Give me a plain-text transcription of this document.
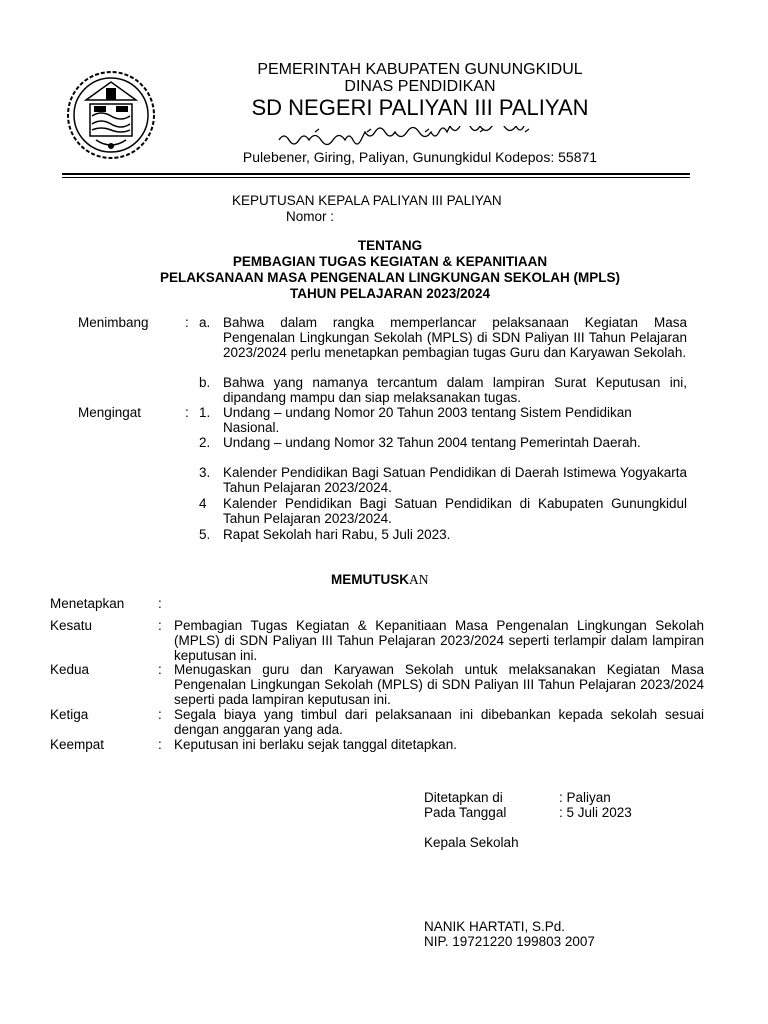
PEMERINTAH KABUPATEN GUNUNGKIDUL
DINAS PENDIDIKAN
SD NEGERI PALIYAN III PALIYAN
Pulebener, Giring, Paliyan, Gunungkidul Kodepos: 55871
KEPUTUSAN KEPALA PALIYAN III PALIYAN
Nomor :
TENTANG
PEMBAGIAN TUGAS KEGIATAN & KEPANITIAAN
PELAKSANAAN MASA PENGENALAN LINGKUNGAN SEKOLAH (MPLS)
TAHUN PELAJARAN 2023/2024
Menimbang	: a. Bahwa dalam rangka memperlancar pelaksanaan Kegiatan Masa Pengenalan Lingkungan Sekolah (MPLS) di SDN Paliyan III Tahun Pelajaran 2023/2024 perlu menetapkan pembagian tugas Guru dan Karyawan Sekolah.
b. Bahwa yang namanya tercantum dalam lampiran Surat Keputusan ini, dipandang mampu dan siap melaksanakan tugas.
Mengingat	: 1. Undang – undang Nomor 20 Tahun 2003 tentang Sistem Pendidikan Nasional.
2. Undang – undang Nomor 32 Tahun 2004 tentang Pemerintah Daerah.
3. Kalender Pendidikan Bagi Satuan Pendidikan di Daerah Istimewa Yogyakarta Tahun Pelajaran 2023/2024.
4 Kalender Pendidikan Bagi Satuan Pendidikan di Kabupaten Gunungkidul Tahun Pelajaran 2023/2024.
5. Rapat Sekolah hari Rabu, 5 Juli 2023.
MEMUTUSKAN
Menetapkan :
Kesatu	: Pembagian Tugas Kegiatan & Kepanitiaan Masa Pengenalan Lingkungan Sekolah (MPLS) di SDN Paliyan III Tahun Pelajaran 2023/2024 seperti terlampir dalam lampiran keputusan ini.
Kedua	: Menugaskan guru dan Karyawan Sekolah untuk melaksanakan Kegiatan Masa Pengenalan Lingkungan Sekolah (MPLS) di SDN Paliyan III Tahun Pelajaran 2023/2024 seperti pada lampiran keputusan ini.
Ketiga	: Segala biaya yang timbul dari pelaksanaan ini dibebankan kepada sekolah sesuai dengan anggaran yang ada.
Keempat	: Keputusan ini berlaku sejak tanggal ditetapkan.
Ditetapkan di	: Paliyan
Pada Tanggal	: 5 Juli 2023
Kepala Sekolah
NANIK HARTATI, S.Pd.
NIP. 19721220 199803 2007
